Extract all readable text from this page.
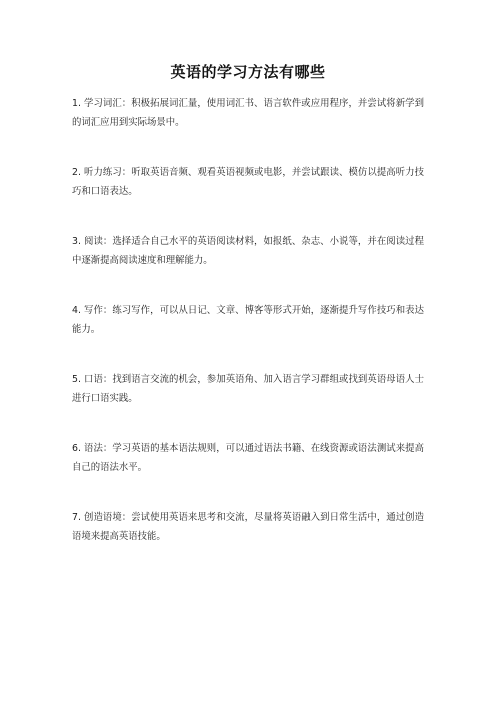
英语的学习方法有哪些
1. 学习词汇：积极拓展词汇量，使用词汇书、语言软件或应用程序，并尝试将新学到的词汇应用到实际场景中。
2. 听力练习：听取英语音频、观看英语视频或电影，并尝试跟读、模仿以提高听力技巧和口语表达。
3. 阅读：选择适合自己水平的英语阅读材料，如报纸、杂志、小说等，并在阅读过程中逐渐提高阅读速度和理解能力。
4. 写作：练习写作，可以从日记、文章、博客等形式开始，逐渐提升写作技巧和表达能力。
5. 口语：找到语言交流的机会，参加英语角、加入语言学习群组或找到英语母语人士进行口语实践。
6. 语法：学习英语的基本语法规则，可以通过语法书籍、在线资源或语法测试来提高自己的语法水平。
7. 创造语境：尝试使用英语来思考和交流，尽量将英语融入到日常生活中，通过创造语境来提高英语技能。
